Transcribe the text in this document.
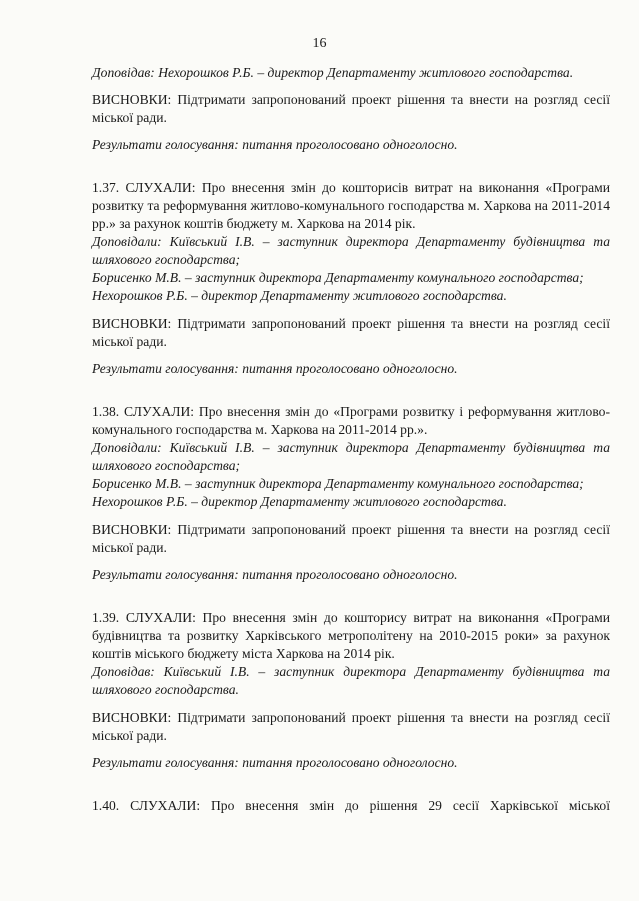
16

Доповідав: Нехорошков Р.Б. – директор Департаменту житлового господарства.

ВИСНОВКИ: Підтримати запропонований проект рішення та внести на розгляд сесії міської ради.

Результати голосування: питання проголосовано одноголосно.

1.37. СЛУХАЛИ: Про внесення змін до кошторисів витрат на виконання «Програми розвитку та реформування житлово-комунального господарства м. Харкова на 2011-2014 рр.» за рахунок коштів бюджету м. Харкова на 2014 рік.

Доповідали: Київський І.В. – заступник директора Департаменту будівництва та шляхового господарства;

Борисенко М.В. – заступник директора Департаменту комунального господарства;

Нехорошков Р.Б. – директор Департаменту житлового господарства.

ВИСНОВКИ: Підтримати запропонований проект рішення та внести на розгляд сесії міської ради.

Результати голосування: питання проголосовано одноголосно.

1.38. СЛУХАЛИ: Про внесення змін до «Програми розвитку і реформування житлово-комунального господарства м. Харкова на 2011-2014 рр.».

Доповідали: Київський І.В. – заступник директора Департаменту будівництва та шляхового господарства;

Борисенко М.В. – заступник директора Департаменту комунального господарства;

Нехорошков Р.Б. – директор Департаменту житлового господарства.

ВИСНОВКИ: Підтримати запропонований проект рішення та внести на розгляд сесії міської ради.

Результати голосування: питання проголосовано одноголосно.

1.39. СЛУХАЛИ: Про внесення змін до кошторису витрат на виконання «Програми будівництва та розвитку Харківського метрополітену на 2010-2015 роки» за рахунок коштів міського бюджету міста Харкова на 2014 рік.

Доповідав: Київський І.В. – заступник директора Департаменту будівництва та шляхового господарства.

ВИСНОВКИ: Підтримати запропонований проект рішення та внести на розгляд сесії міської ради.

Результати голосування: питання проголосовано одноголосно.

1.40. СЛУХАЛИ: Про внесення змін до рішення 29 сесії Харківської міської
